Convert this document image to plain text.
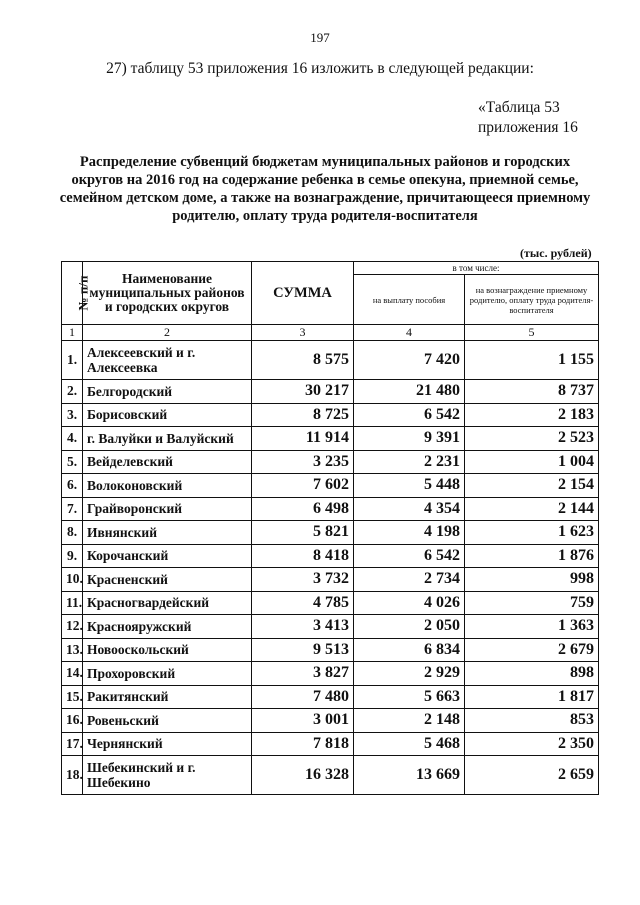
197
27) таблицу 53 приложения 16 изложить в следующей редакции:
«Таблица 53
приложения 16
Распределение субвенций бюджетам муниципальных районов и городских округов на 2016 год на содержание ребенка в семье опекуна, приемной семье, семейном детском доме, а также на вознаграждение, причитающееся приемному родителю, оплату труда родителя-воспитателя
(тыс. рублей)
№ п/п	Наименование муниципальных районов и городских округов	СУММА	в том числе:	
			на выплату пособия	на вознаграждение приемному родителю, оплату труда родителя-воспитателя
1	2	3	4	5
1.	Алексеевский и г. Алексеевка	8 575	7 420	1 155
2.	Белгородский	30 217	21 480	8 737
3.	Борисовский	8 725	6 542	2 183
4.	г. Валуйки и Валуйский	11 914	9 391	2 523
5.	Вейделевский	3 235	2 231	1 004
6.	Волоконовский	7 602	5 448	2 154
7.	Грайворонский	6 498	4 354	2 144
8.	Ивнянский	5 821	4 198	1 623
9.	Корочанский	8 418	6 542	1 876
10.	Красненский	3 732	2 734	998
11.	Красногвардейский	4 785	4 026	759
12.	Краснояружский	3 413	2 050	1 363
13.	Новооскольский	9 513	6 834	2 679
14.	Прохоровский	3 827	2 929	898
15.	Ракитянский	7 480	5 663	1 817
16.	Ровеньский	3 001	2 148	853
17.	Чернянский	7 818	5 468	2 350
18.	Шебекинский и г. Шебекино	16 328	13 669	2 659
